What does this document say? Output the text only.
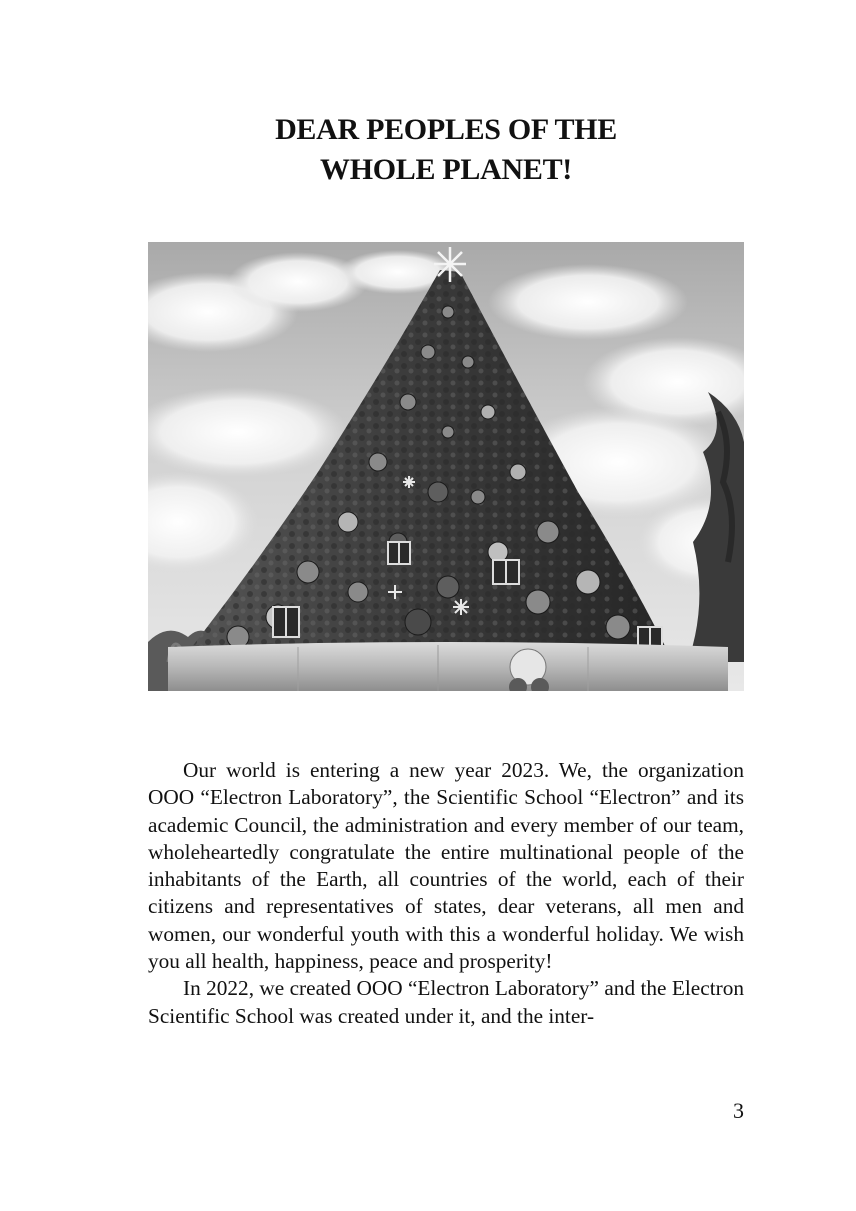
DEAR PEOPLES OF THE
WHOLE PLANET!

Our world is entering a new year 2023. We, the organization OOO “Electron Laboratory”, the Scientific School “Electron” and its academic Council, the administration and every member of our team, wholeheartedly congratulate the entire multinational people of the inhabitants of the Earth, all countries of the world, each of their citizens and representatives of states, dear veterans, all men and women, our wonderful youth with this a wonderful holiday. We wish you all health, happiness, peace and prosperity!

In 2022, we created OOO “Electron Laboratory” and the Electron Scientific School was created under it, and the inter-

3
